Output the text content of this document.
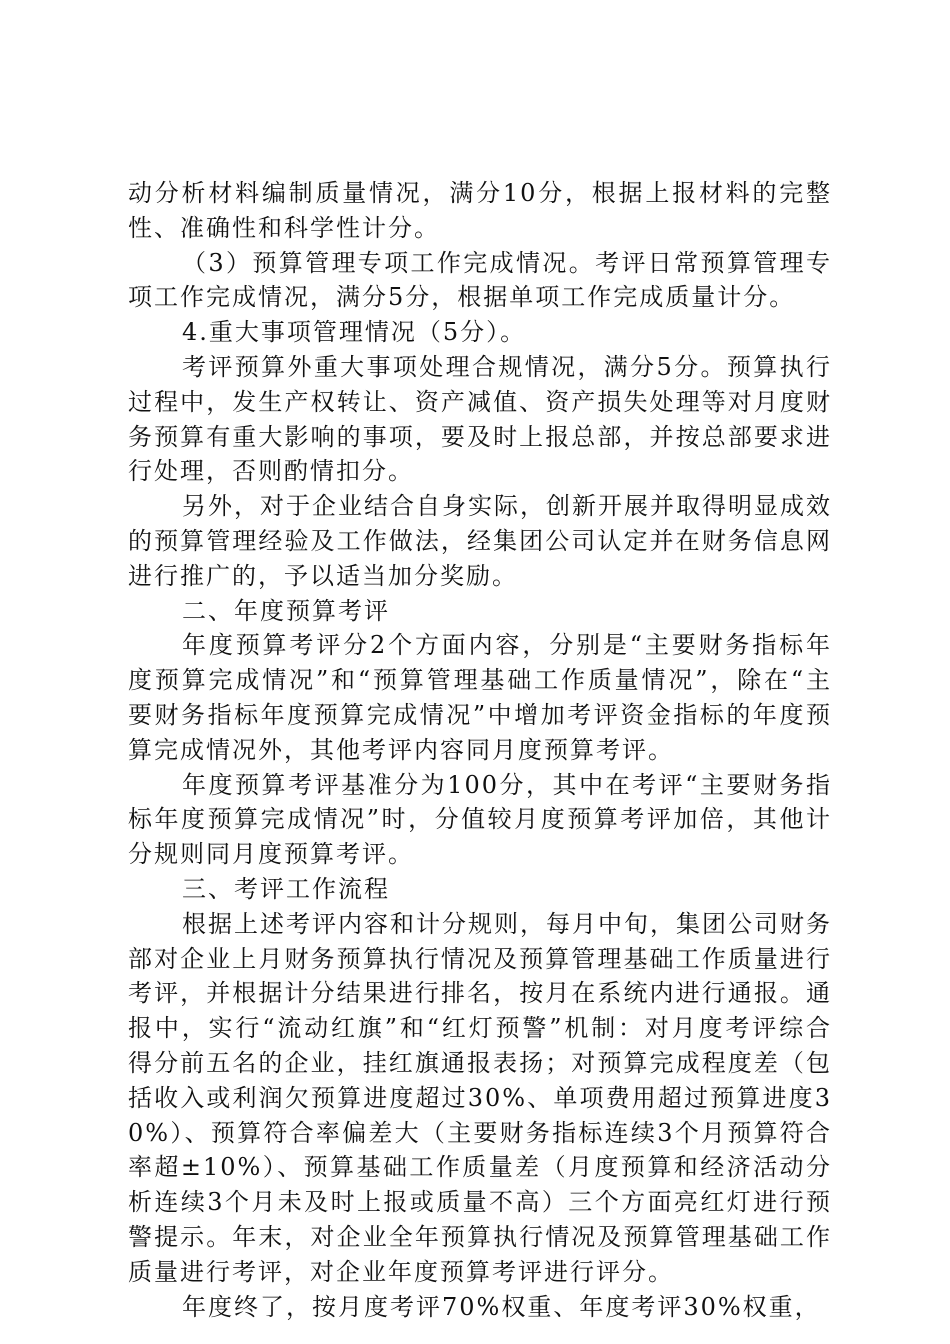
动分析材料编制质量情况，满分10分，根据上报材料的完整性、准确性和科学性计分。

（3）预算管理专项工作完成情况。考评日常预算管理专项工作完成情况，满分5分，根据单项工作完成质量计分。

4.重大事项管理情况（5分）。

考评预算外重大事项处理合规情况，满分5分。预算执行过程中，发生产权转让、资产减值、资产损失处理等对月度财务预算有重大影响的事项，要及时上报总部，并按总部要求进行处理，否则酌情扣分。

另外，对于企业结合自身实际，创新开展并取得明显成效的预算管理经验及工作做法，经集团公司认定并在财务信息网进行推广的，予以适当加分奖励。

二、年度预算考评

年度预算考评分2个方面内容，分别是“主要财务指标年度预算完成情况”和“预算管理基础工作质量情况”，除在“主要财务指标年度预算完成情况”中增加考评资金指标的年度预算完成情况外，其他考评内容同月度预算考评。

年度预算考评基准分为100分，其中在考评“主要财务指标年度预算完成情况”时，分值较月度预算考评加倍，其他计分规则同月度预算考评。

三、考评工作流程

根据上述考评内容和计分规则，每月中旬，集团公司财务部对企业上月财务预算执行情况及预算管理基础工作质量进行考评，并根据计分结果进行排名，按月在系统内进行通报。通报中，实行“流动红旗”和“红灯预警”机制：对月度考评综合得分前五名的企业，挂红旗通报表扬；对预算完成程度差（包括收入或利润欠预算进度超过30%、单项费用超过预算进度30%）、预算符合率偏差大（主要财务指标连续3个月预算符合率超±10%）、预算基础工作质量差（月度预算和经济活动分析连续3个月未及时上报或质量不高）三个方面亮红灯进行预警提示。年末，对企业全年预算执行情况及预算管理基础工作质量进行考评，对企业年度预算考评进行评分。

年度终了，按月度考评70%权重、年度考评30%权重，
